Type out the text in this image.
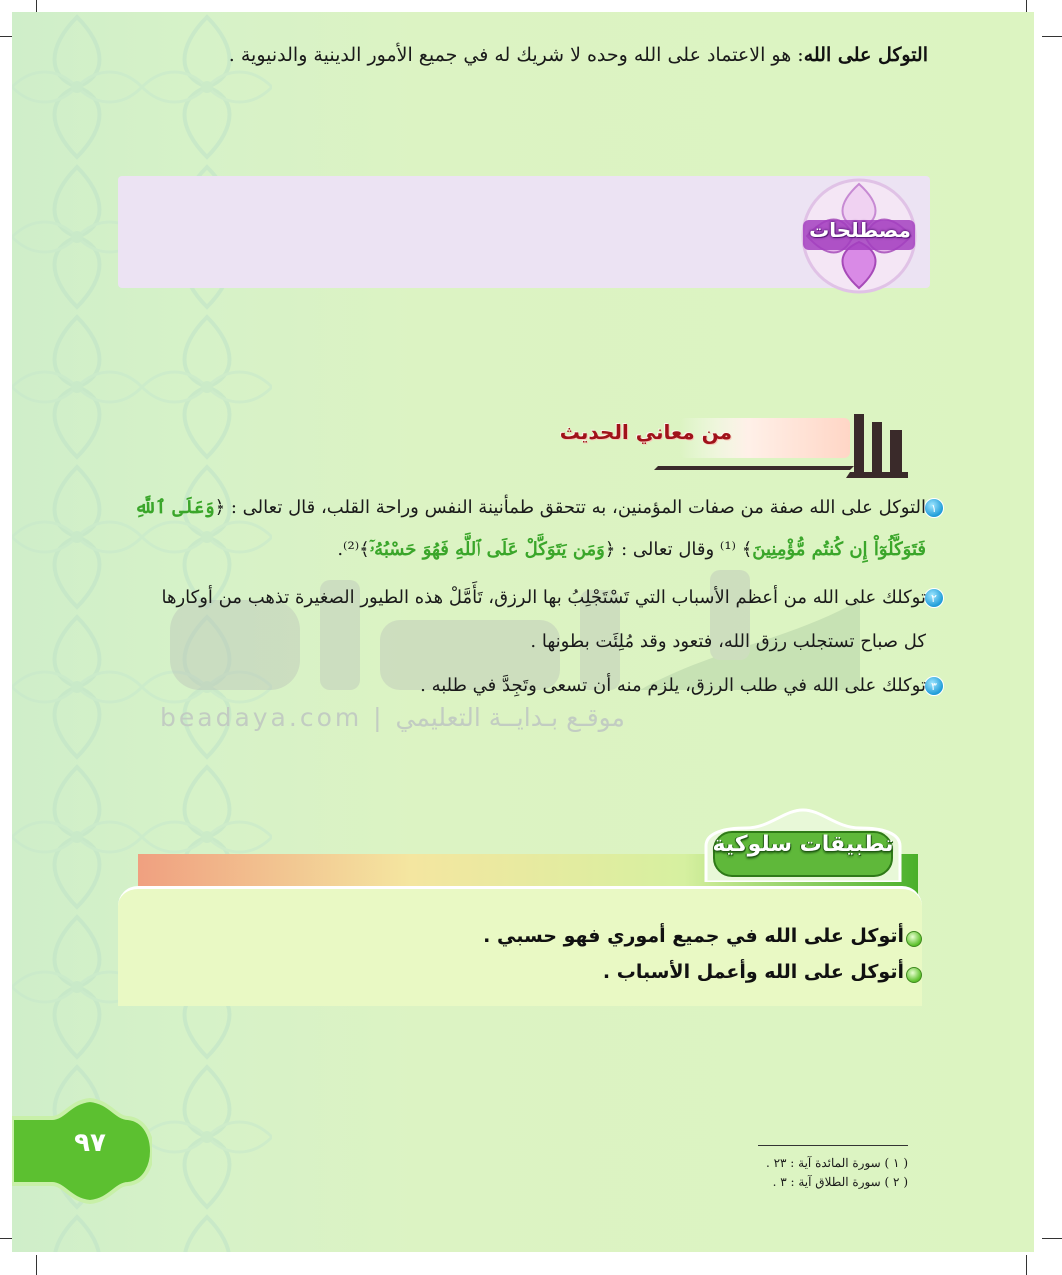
مصطلحات
التوكل على الله: هو الاعتماد على الله وحده لا شريك له في جميع الأمور الدينية والدنيوية .
من معاني الحديث
١
التوكل على الله صفة من صفات المؤمنين، به تتحقق طمأنينة النفس وراحة القلب، قال تعالى : ﴿وَعَلَى ٱللَّهِ
فَتَوَكَّلُوٓاْ إِن كُنتُم مُّؤْمِنِينَ﴾ ⁽¹⁾ وقال تعالى : ﴿وَمَن يَتَوَكَّلْ عَلَى ٱللَّهِ فَهُوَ حَسْبُهُۥٓ﴾⁽²⁾.
٢
توكلك على الله من أعظم الأسباب التي تَسْتَجْلِبُ بها الرزق، تَأَمَّلْ هذه الطيور الصغيرة تذهب من أوكارها
كل صباح تستجلب رزق الله، فتعود وقد مُلِئَت بطونها .
٣
توكلك على الله في طلب الرزق، يلزم منه أن تسعى وتَجِدَّ في طلبه .
beadaya.com | موقـع بـدايــة التعليمي
تطبيقات سلوكية
أتوكل على الله في جميع أموري فهو حسبي .
أتوكل على الله وأعمل الأسباب .
٩٧
( ١ ) سورة المائدة آية : ٢٣ .
( ٢ ) سورة الطلاق آية : ٣ .
